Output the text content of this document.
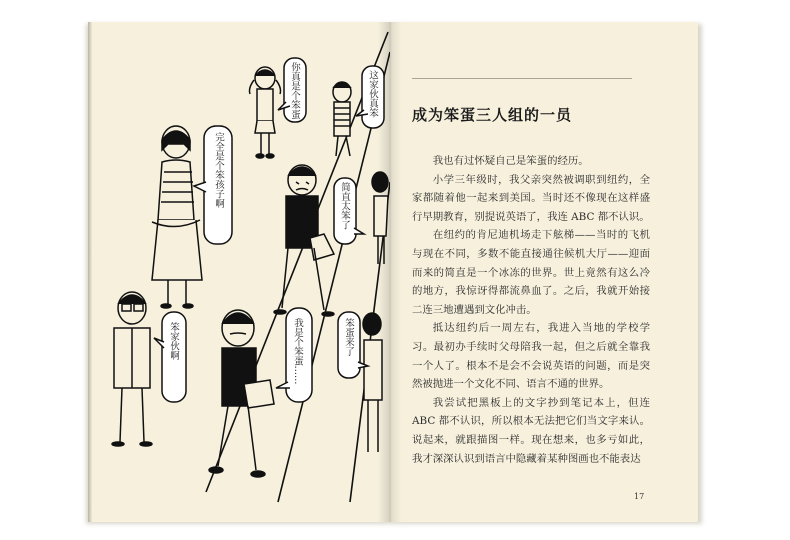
你真是个笨蛋	这家伙真笨
完全是个笨孩子啊	简直太笨了
笨家伙啊	我是个笨蛋……	笨蛋来了
成为笨蛋三人组的一员

我也有过怀疑自己是笨蛋的经历。

小学三年级时，我父亲突然被调职到纽约，全家都随着他一起来到美国。当时还不像现在这样盛行早期教育，别提说英语了，我连 ABC 都不认识。

在纽约的肯尼迪机场走下舷梯——当时的飞机与现在不同，多数不能直接通往候机大厅——迎面而来的简直是一个冰冻的世界。世上竟然有这么冷的地方，我惊讶得都流鼻血了。之后，我就开始接二连三地遭遇到文化冲击。

抵达纽约后一周左右，我进入当地的学校学习。最初办手续时父母陪我一起，但之后就全靠我一个人了。根本不是会不会说英语的问题，而是突然被抛进一个文化不同、语言不通的世界。

我尝试把黑板上的文字抄到笔记本上，但连 ABC 都不认识，所以根本无法把它们当文字来认。说起来，就跟描图一样。现在想来，也多亏如此，我才深深认识到语言中隐藏着某种图画也不能表达

17
